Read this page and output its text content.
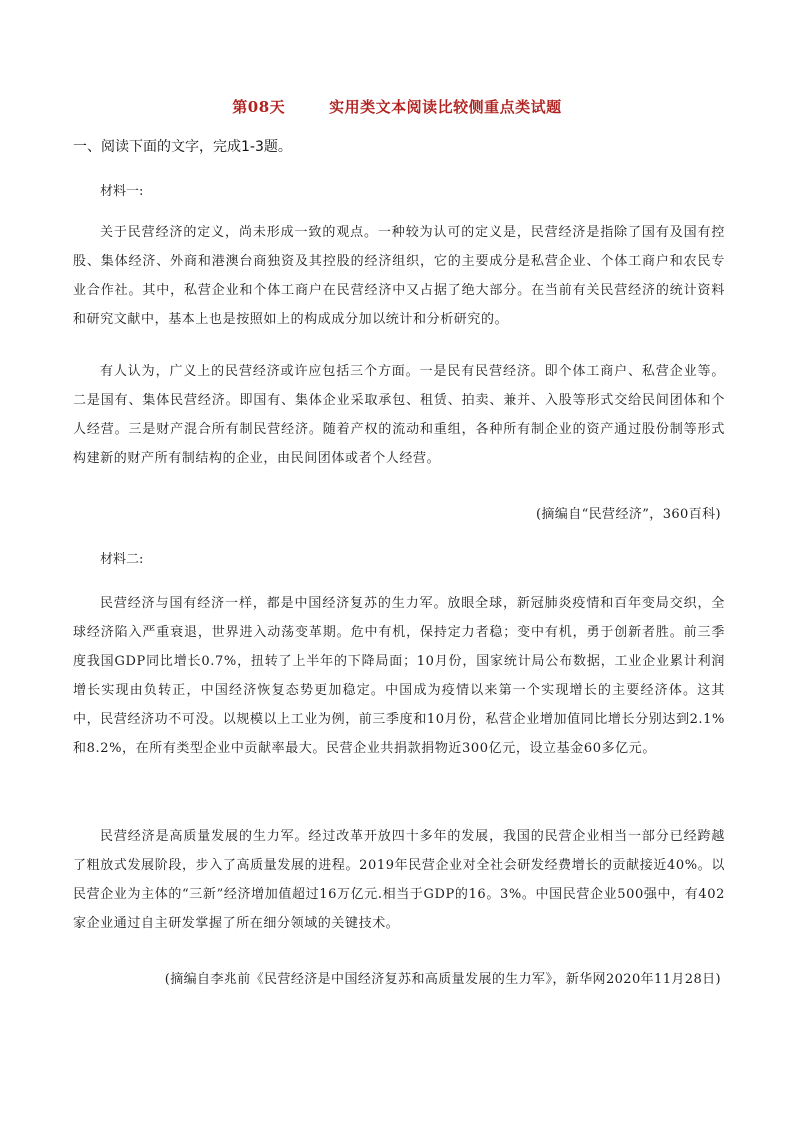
第08天	实用类文本阅读比较侧重点类试题
一、阅读下面的文字，完成1-3题。
材料一:
关于民营经济的定义，尚未形成一致的观点。一种较为认可的定义是，民营经济是指除了国有及国有控股、集体经济、外商和港澳台商独资及其控股的经济组织，它的主要成分是私营企业、个体工商户和农民专业合作社。其中，私营企业和个体工商户在民营经济中又占据了绝大部分。在当前有关民营经济的统计资料和研究文献中，基本上也是按照如上的构成成分加以统计和分析研究的。
有人认为，广义上的民营经济或许应包括三个方面。一是民有民营经济。即个体工商户、私营企业等。二是国有、集体民营经济。即国有、集体企业采取承包、租赁、拍卖、兼并、入股等形式交给民间团体和个人经营。三是财产混合所有制民营经济。随着产权的流动和重组，各种所有制企业的资产通过股份制等形式构建新的财产所有制结构的企业，由民间团体或者个人经营。
(摘编自“民营经济”，360百科)
材料二:
民营经济与国有经济一样，都是中国经济复苏的生力军。放眼全球，新冠肺炎疫情和百年变局交织，全球经济陷入严重衰退，世界进入动荡变革期。危中有机，保持定力者稳；变中有机，勇于创新者胜。前三季度我国GDP同比增长0.7%，扭转了上半年的下降局面；10月份，国家统计局公布数据，工业企业累计利润增长实现由负转正，中国经济恢复态势更加稳定。中国成为疫情以来第一个实现增长的主要经济体。这其中，民营经济功不可没。以规模以上工业为例，前三季度和10月份，私营企业增加值同比增长分别达到2.1%和8.2%，在所有类型企业中贡献率最大。民营企业共捐款捐物近300亿元，设立基金60多亿元。
民营经济是高质量发展的生力军。经过改革开放四十多年的发展，我国的民营企业相当一部分已经跨越了粗放式发展阶段，步入了高质量发展的进程。2019年民营企业对全社会研发经费增长的贡献接近40%。以民营企业为主体的“三新”经济增加值超过16万亿元.相当于GDP的16。3%。中国民营企业500强中，有402家企业通过自主研发掌握了所在细分领域的关键技术。
(摘编自李兆前《民营经济是中国经济复苏和高质量发展的生力军》，新华网2020年11月28日)
